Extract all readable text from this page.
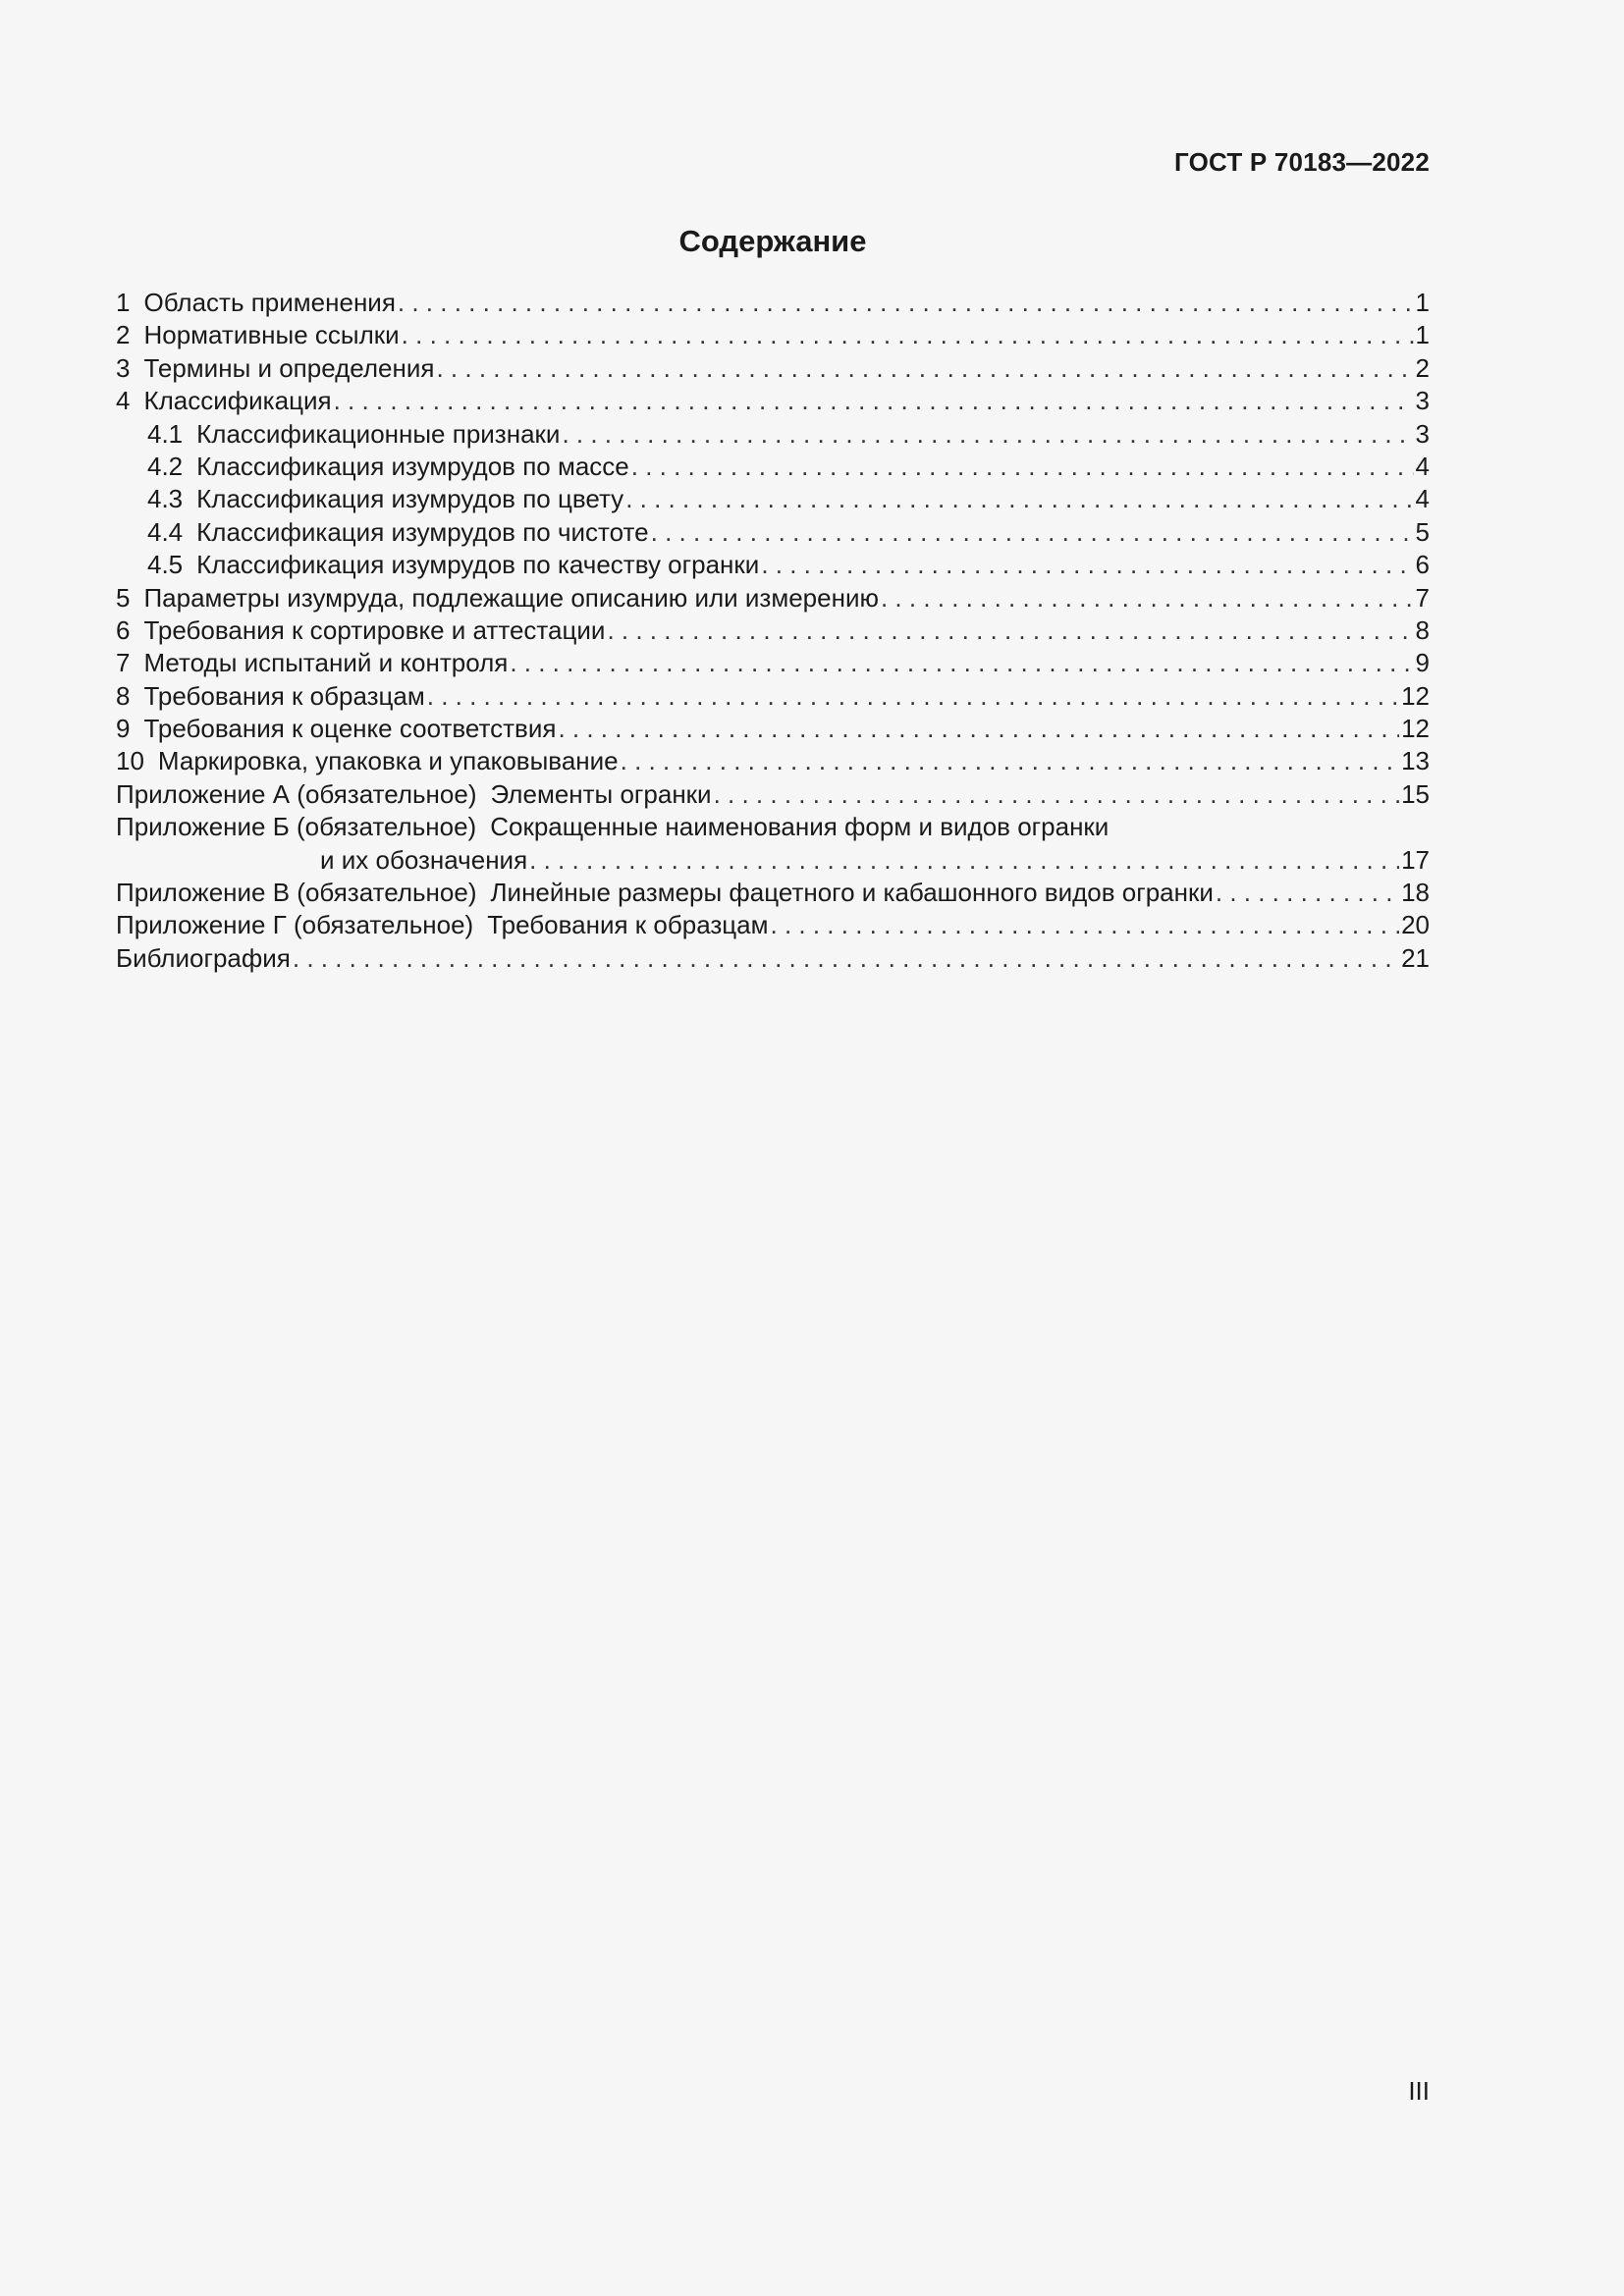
ГОСТ Р 70183—2022
Содержание
1 Область применения . . .	1
2 Нормативные ссылки . . .	1
3 Термины и определения . . .	2
4 Классификация . . .	3
4.1 Классификационные признаки . . .	3
4.2 Классификация изумрудов по массе . . .	4
4.3 Классификация изумрудов по цвету . . .	4
4.4 Классификация изумрудов по чистоте . . .	5
4.5 Классификация изумрудов по качеству огранки . . .	6
5 Параметры изумруда, подлежащие описанию или измерению . . .	7
6 Требования к сортировке и аттестации . . .	8
7 Методы испытаний и контроля . . .	9
8 Требования к образцам . . .	12
9 Требования к оценке соответствия . . .	12
10 Маркировка, упаковка и упаковывание . . .	13
Приложение А (обязательное) Элементы огранки . . .	15
Приложение Б (обязательное) Сокращенные наименования форм и видов огранки
и их обозначения . . .	17
Приложение В (обязательное) Линейные размеры фацетного и кабашонного видов огранки . . .	18
Приложение Г (обязательное) Требования к образцам . . .	20
Библиография . . .	21
III
